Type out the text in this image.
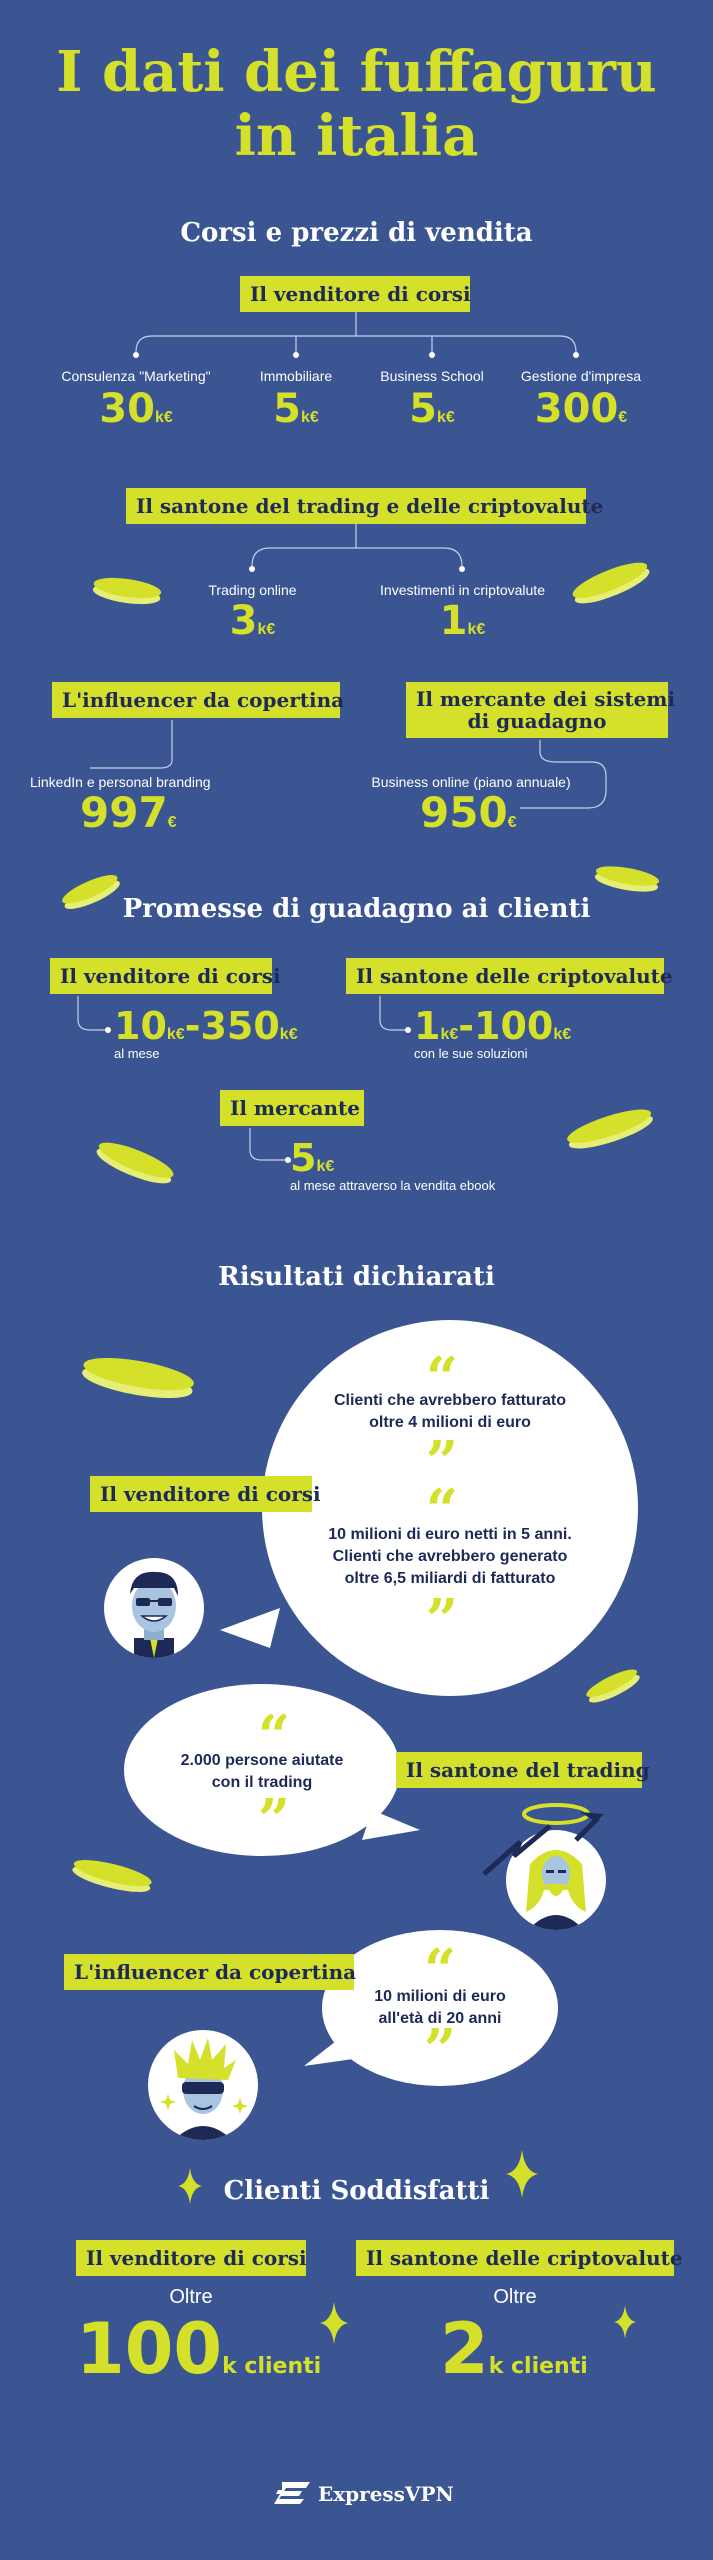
I dati dei fuffaguru
in italia
Corsi e prezzi di vendita
Il venditore di corsi
Consulenza "Marketing"
30k€
Immobiliare
5k€
Business School
5k€
Gestione d'impresa
300€
Il santone del trading e delle criptovalute
Trading online
3k€
Investimenti in criptovalute
1k€
L'influencer da copertina
LinkedIn e personal branding
997€
Il mercante dei sistemi
di guadagno
Business online (piano annuale)
950€
Promesse di guadagno ai clienti
Il venditore di corsi
10k€-350k€
al mese
Il santone delle criptovalute
1k€-100k€
con le sue soluzioni
Il mercante
5k€
al mese attraverso la vendita ebook
Risultati dichiarati
“
Clienti che avrebbero fatturato
oltre 4 milioni di euro
”
“
10 milioni di euro netti in 5 anni.
Clienti che avrebbero generato
oltre 6,5 miliardi di fatturato
”
Il venditore di corsi
“
2.000 persone aiutate
con il trading
”
Il santone del trading
“
10 milioni di euro
all'età di 20 anni
”
L'influencer da copertina
Clienti Soddisfatti
Il venditore di corsi
Oltre
100k clienti
Il santone delle criptovalute
Oltre
2k clienti
ExpressVPN
